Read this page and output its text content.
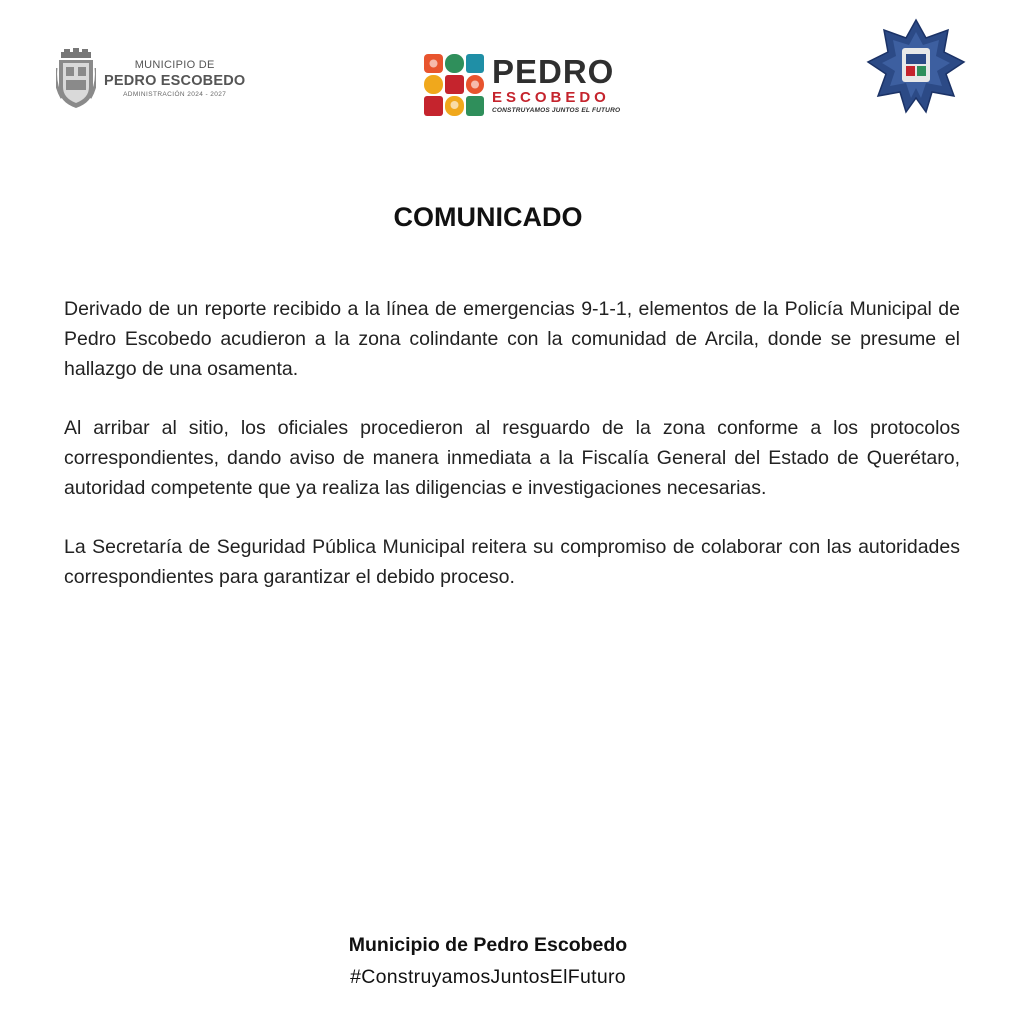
MUNICIPIO DE
PEDRO ESCOBEDO
ADMINISTRACIÓN 2024 - 2027
PEDRO
ESCOBEDO
CONSTRUYAMOS JUNTOS EL FUTURO
COMUNICADO

Derivado de un reporte recibido a la línea de emergencias 9-1-1, elementos de la Policía Municipal de Pedro Escobedo acudieron a la zona colindante con la comunidad de Arcila, donde se presume el hallazgo de una osamenta.

Al arribar al sitio, los oficiales procedieron al resguardo de la zona conforme a los protocolos correspondientes, dando aviso de manera inmediata a la Fiscalía General del Estado de Querétaro, autoridad competente que ya realiza las diligencias e investigaciones necesarias.

La Secretaría de Seguridad Pública Municipal reitera su compromiso de colaborar con las autoridades correspondientes para garantizar el debido proceso.

Municipio de Pedro Escobedo
#ConstruyamosJuntosElFuturo
